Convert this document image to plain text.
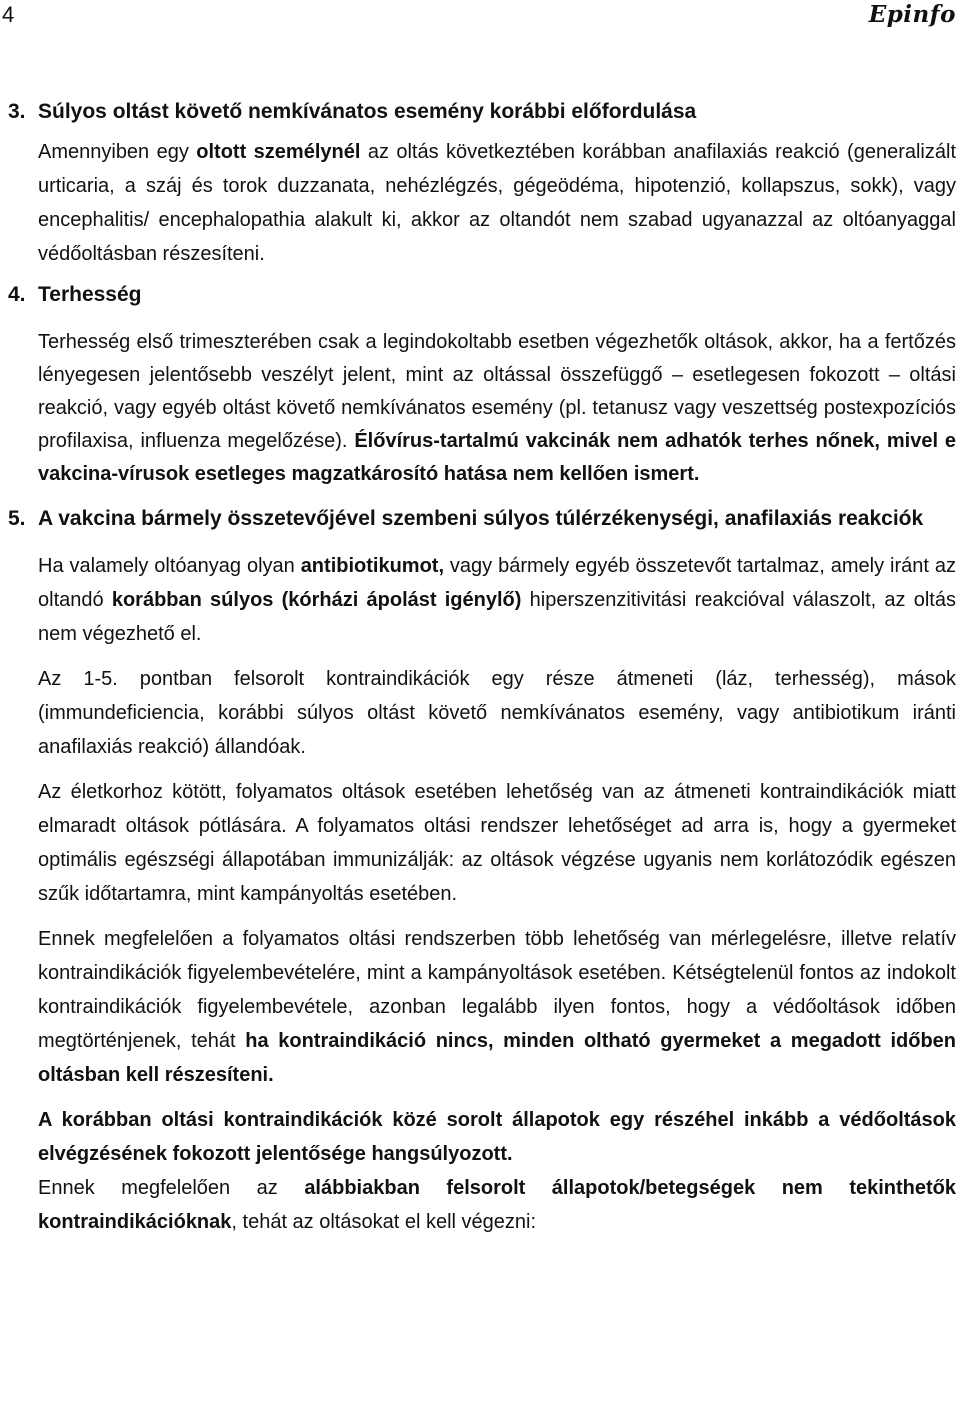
4	Epinfo
3. Súlyos oltást követő nemkívánatos esemény korábbi előfordulása

Amennyiben egy oltott személynél az oltás következtében korábban anafilaxiás reakció (generalizált urticaria, a száj és torok duzzanata, nehézlégzés, gégeödéma, hipotenzió, kollapszus, sokk), vagy encephalitis/ encephalopathia alakult ki, akkor az oltandót nem szabad ugyanazzal az oltóanyaggal védőoltásban részesíteni.

4. Terhesség

Terhesség első trimeszterében csak a legindokoltabb esetben végezhetők oltások, akkor, ha a fertőzés lényegesen jelentősebb veszélyt jelent, mint az oltással összefüggő – esetlegesen fokozott – oltási reakció, vagy egyéb oltást követő nemkívánatos esemény (pl. tetanusz vagy veszettség postexpozíciós profilaxisa, influenza megelőzése). Élővírus-tartalmú vakcinák nem adhatók terhes nőnek, mivel e vakcina-vírusok esetleges magzatkárosító hatása nem kellően ismert.

5. A vakcina bármely összetevőjével szembeni súlyos túlérzékenységi, anafilaxiás reakciók

Ha valamely oltóanyag olyan antibiotikumot, vagy bármely egyéb összetevőt tartalmaz, amely iránt az oltandó korábban súlyos (kórházi ápolást igénylő) hiperszenzitivitási reakcióval válaszolt, az oltás nem végezhető el.

Az 1-5. pontban felsorolt kontraindikációk egy része átmeneti (láz, terhesség), mások (immundeficiencia, korábbi súlyos oltást követő nemkívánatos esemény, vagy antibiotikum iránti anafilaxiás reakció) állandóak.

Az életkorhoz kötött, folyamatos oltások esetében lehetőség van az átmeneti kontraindikációk miatt elmaradt oltások pótlására. A folyamatos oltási rendszer lehetőséget ad arra is, hogy a gyermeket optimális egészségi állapotában immunizálják: az oltások végzése ugyanis nem korlátozódik egészen szűk időtartamra, mint kampányoltás esetében.

Ennek megfelelően a folyamatos oltási rendszerben több lehetőség van mérlegelésre, illetve relatív kontraindikációk figyelembevételére, mint a kampányoltások esetében. Kétségtelenül fontos az indokolt kontraindikációk figyelembevétele, azonban legalább ilyen fontos, hogy a védőoltások időben megtörténjenek, tehát ha kontraindikáció nincs, minden oltható gyermeket a megadott időben oltásban kell részesíteni.

A korábban oltási kontraindikációk közé sorolt állapotok egy részéhel inkább a védőoltások elvégzésének fokozott jelentősége hangsúlyozott.

Ennek megfelelően az alábbiakban felsorolt állapotok/betegségek nem tekinthetők kontraindikációknak, tehát az oltásokat el kell végezni:
